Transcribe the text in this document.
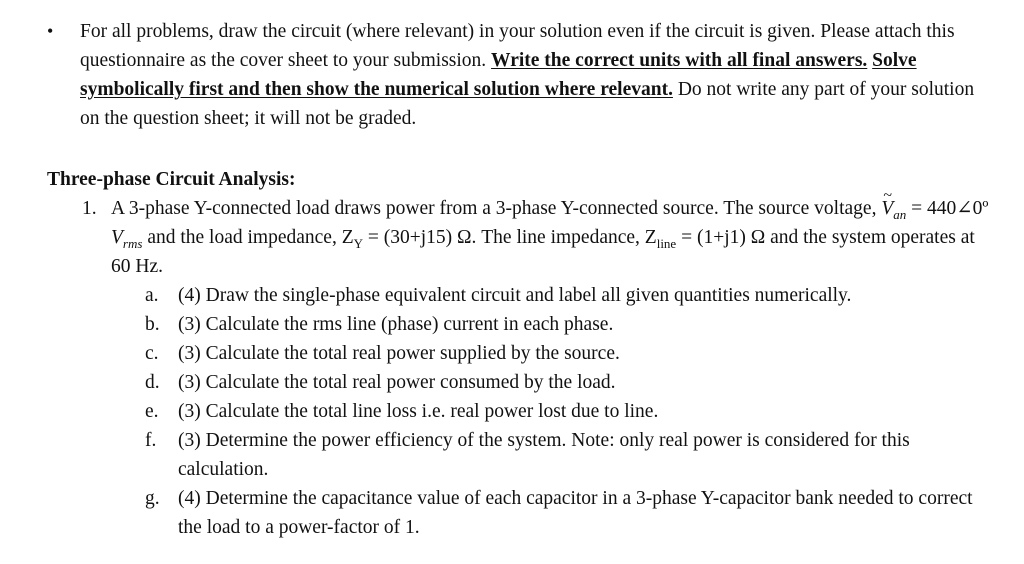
•	For all problems, draw the circuit (where relevant) in your solution even if the circuit is given. Please attach this questionnaire as the cover sheet to your submission. Write the correct units with all final answers. Solve symbolically first and then show the numerical solution where relevant. Do not write any part of your solution on the question sheet; it will not be graded.
Three-phase Circuit Analysis:
1. A 3-phase Y-connected load draws power from a 3-phase Y-connected source. The source voltage, ~ $V_{an}$ = 440∠0º $V_{rms}$ and the load impedance, $Z_Y = (30+j15)$ Ω. The line impedance, $Z_{line} = (1+j1)$ Ω and the system operates at 60 Hz.
a. (4) Draw the single-phase equivalent circuit and label all given quantities numerically.
b. (3) Calculate the rms line (phase) current in each phase.
c. (3) Calculate the total real power supplied by the source.
d. (3) Calculate the total real power consumed by the load.
e. (3) Calculate the total line loss i.e. real power lost due to line.
f. (3) Determine the power efficiency of the system. Note: only real power is considered for this calculation.
g. (4) Determine the capacitance value of each capacitor in a 3-phase Y-capacitor bank needed to correct the load to a power-factor of 1.
